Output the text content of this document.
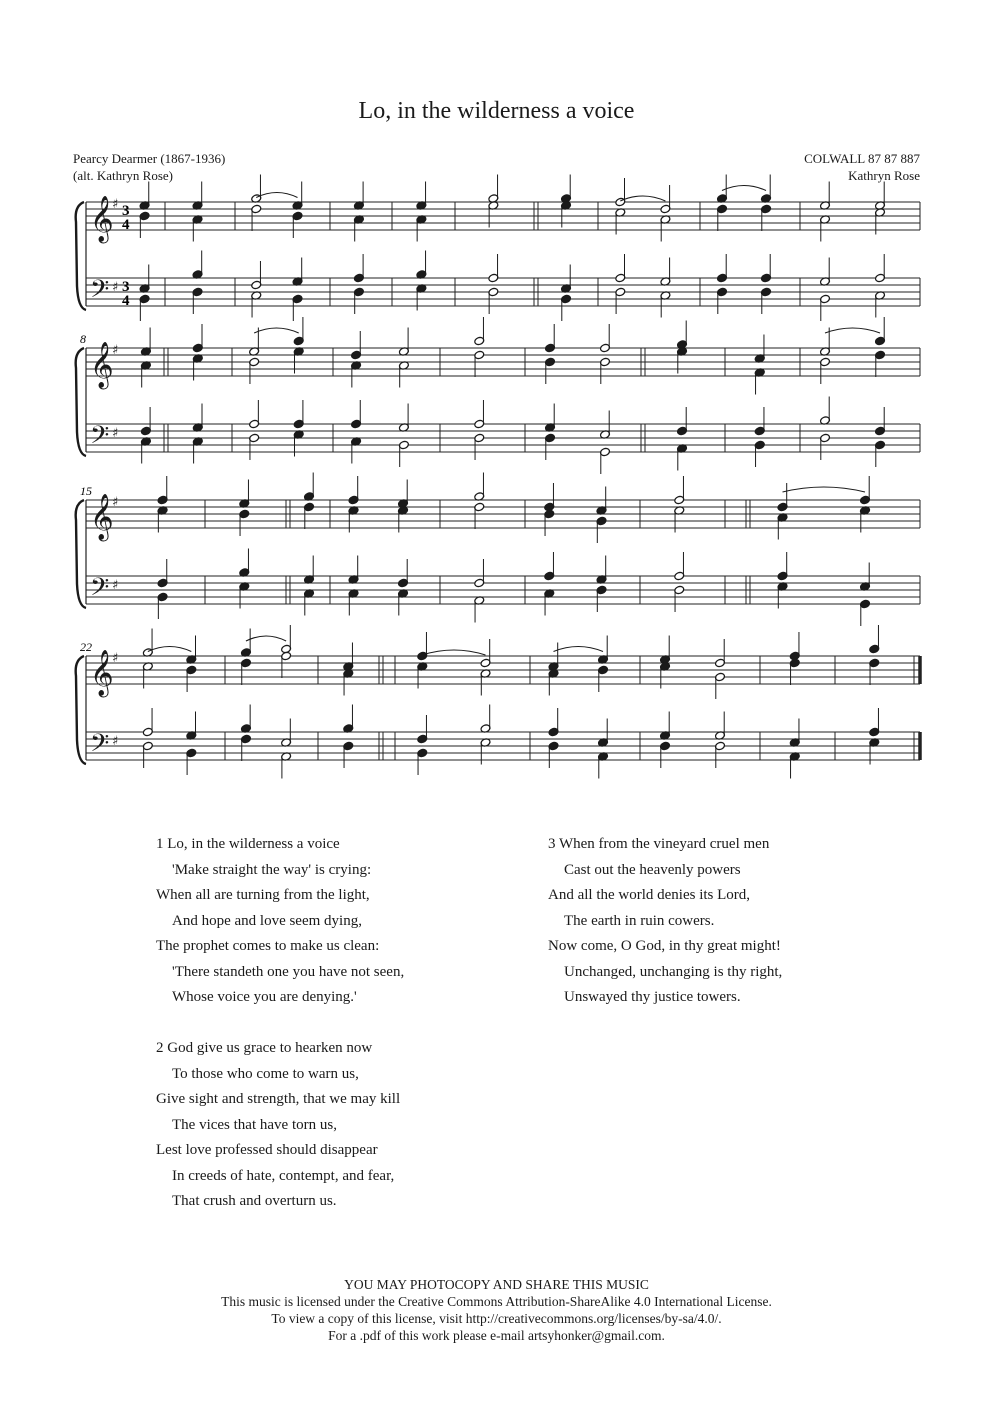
Lo, in the wilderness a voice
Pearcy Dearmer (1867-1936)
(alt. Kathryn Rose)
COLWALL 87 87 887
Kathryn Rose
𝄞
𝄢
♯
♯
𝄞
𝄢
♯
♯
𝄞
𝄢
♯
♯
𝄞
𝄢
♯
♯
3
4
3
4
8
15
22
1 Lo, in the wilderness a voice
'Make straight the way' is crying:
When all are turning from the light,
And hope and love seem dying,
The prophet comes to make us clean:
'There standeth one you have not seen,
Whose voice you are denying.'
2 God give us grace to hearken now
To those who come to warn us,
Give sight and strength, that we may kill
The vices that have torn us,
Lest love professed should disappear
In creeds of hate, contempt, and fear,
That crush and overturn us.
3 When from the vineyard cruel men
Cast out the heavenly powers
And all the world denies its Lord,
The earth in ruin cowers.
Now come, O God, in thy great might!
Unchanged, unchanging is thy right,
Unswayed thy justice towers.
YOU MAY PHOTOCOPY AND SHARE THIS MUSIC
This music is licensed under the Creative Commons Attribution-ShareAlike 4.0 International License.
To view a copy of this license, visit http://creativecommons.org/licenses/by-sa/4.0/.
For a .pdf of this work please e-mail artsyhonker@gmail.com.
